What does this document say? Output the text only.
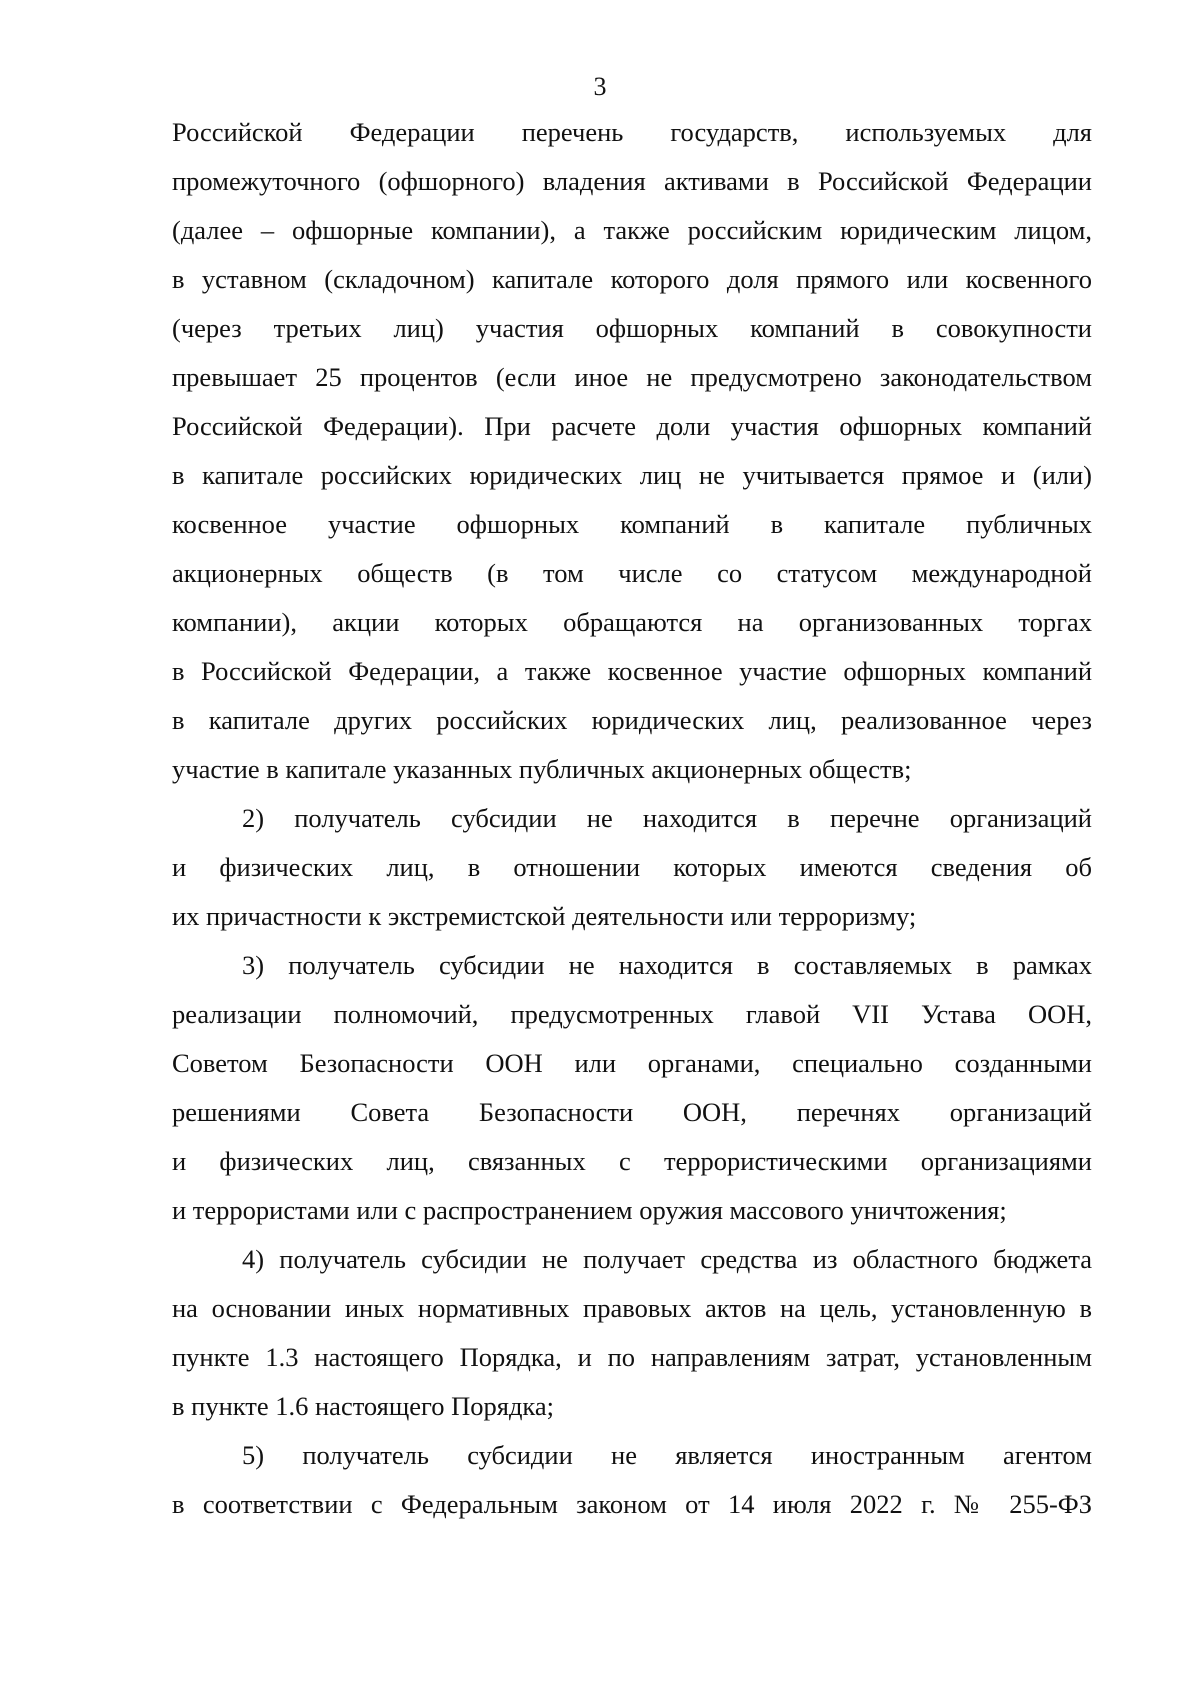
3
Российской Федерации перечень государств, используемых для
промежуточного (офшорного) владения активами в Российской Федерации
(далее – офшорные компании), а также российским юридическим лицом,
в уставном (складочном) капитале которого доля прямого или косвенного
(через третьих лиц) участия офшорных компаний в совокупности
превышает 25 процентов (если иное не предусмотрено законодательством
Российской Федерации). При расчете доли участия офшорных компаний
в капитале российских юридических лиц не учитывается прямое и (или)
косвенное участие офшорных компаний в капитале публичных
акционерных обществ (в том числе со статусом международной
компании), акции которых обращаются на организованных торгах
в Российской Федерации, а также косвенное участие офшорных компаний
в капитале других российских юридических лиц, реализованное через
участие в капитале указанных публичных акционерных обществ;
2) получатель субсидии не находится в перечне организаций
и физических лиц, в отношении которых имеются сведения об
их причастности к экстремистской деятельности или терроризму;
3) получатель субсидии не находится в составляемых в рамках
реализации полномочий, предусмотренных главой VII Устава ООН,
Советом Безопасности ООН или органами, специально созданными
решениями Совета Безопасности ООН, перечнях организаций
и физических лиц, связанных с террористическими организациями
и террористами или с распространением оружия массового уничтожения;
4) получатель субсидии не получает средства из областного бюджета
на основании иных нормативных правовых актов на цель, установленную в
пункте 1.3 настоящего Порядка, и по направлениям затрат, установленным
в пункте 1.6 настоящего Порядка;
5) получатель субсидии не является иностранным агентом
в соответствии с Федеральным законом от 14 июля 2022 г. № 255-ФЗ
